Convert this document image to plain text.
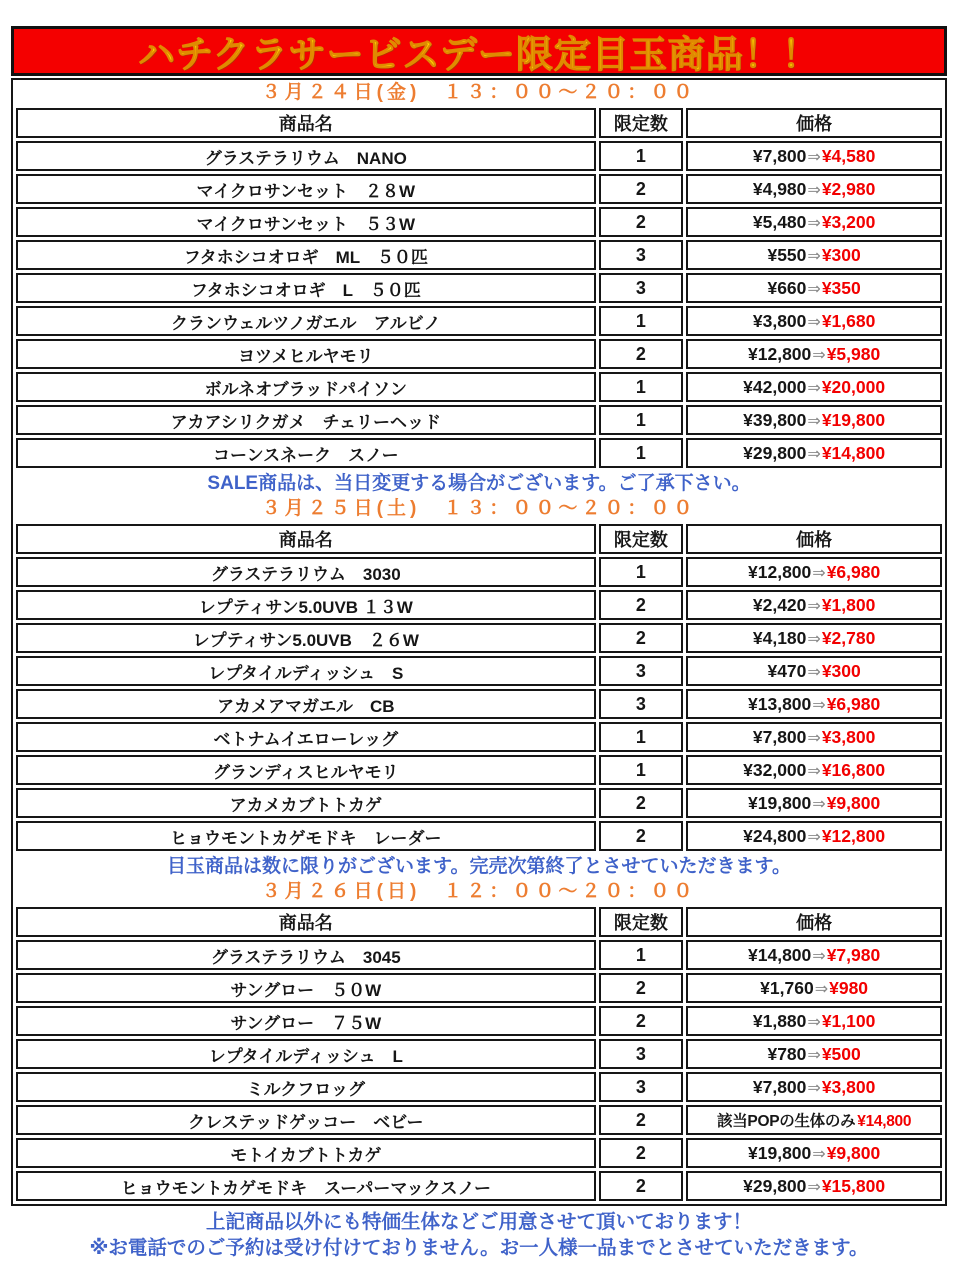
ハチクラサービスデー限定目玉商品！！
３月２４日(金)　１３：００～２０：００
商品名	限定数	価格
グラステラリウム　NANO	1	¥7,800⇒¥4,580
マイクロサンセット　２８W	2	¥4,980⇒¥2,980
マイクロサンセット　５３W	2	¥5,480⇒¥3,200
フタホシコオロギ　ML　５０匹	3	¥550⇒¥300
フタホシコオロギ　L　５０匹	3	¥660⇒¥350
クランウェルツノガエル　アルビノ	1	¥3,800⇒¥1,680
ヨツメヒルヤモリ	2	¥12,800⇒¥5,980
ボルネオブラッドパイソン	1	¥42,000⇒¥20,000
アカアシリクガメ　チェリーヘッド	1	¥39,800⇒¥19,800
コーンスネーク　スノー	1	¥29,800⇒¥14,800
SALE商品は、当日変更する場合がございます。ご了承下さい。
３月２５日(土)　１３：００～２０：００
商品名	限定数	価格
グラステラリウム　3030	1	¥12,800⇒¥6,980
レプティサン5.0UVB １３W	2	¥2,420⇒¥1,800
レプティサン5.0UVB　２６W	2	¥4,180⇒¥2,780
レプタイルディッシュ　S	3	¥470⇒¥300
アカメアマガエル　CB	3	¥13,800⇒¥6,980
ベトナムイエローレッグ	1	¥7,800⇒¥3,800
グランディスヒルヤモリ	1	¥32,000⇒¥16,800
アカメカブトトカゲ	2	¥19,800⇒¥9,800
ヒョウモントカゲモドキ　レーダー	2	¥24,800⇒¥12,800
目玉商品は数に限りがございます。完売次第終了とさせていただきます。
３月２６日(日)　１２：００～２０：００
商品名	限定数	価格
グラステラリウム　3045	1	¥14,800⇒¥7,980
サングロー　５０W	2	¥1,760⇒¥980
サングロー　７５W	2	¥1,880⇒¥1,100
レプタイルディッシュ　L	3	¥780⇒¥500
ミルクフロッグ	3	¥7,800⇒¥3,800
クレステッドゲッコー　ベビー	2	該当POPの生体のみ ¥14,800
モトイカブトトカゲ	2	¥19,800⇒¥9,800
ヒョウモントカゲモドキ　スーパーマックスノー	2	¥29,800⇒¥15,800
上記商品以外にも特価生体などご用意させて頂いております！
※お電話でのご予約は受け付けておりません。お一人様一品までとさせていただきます。
